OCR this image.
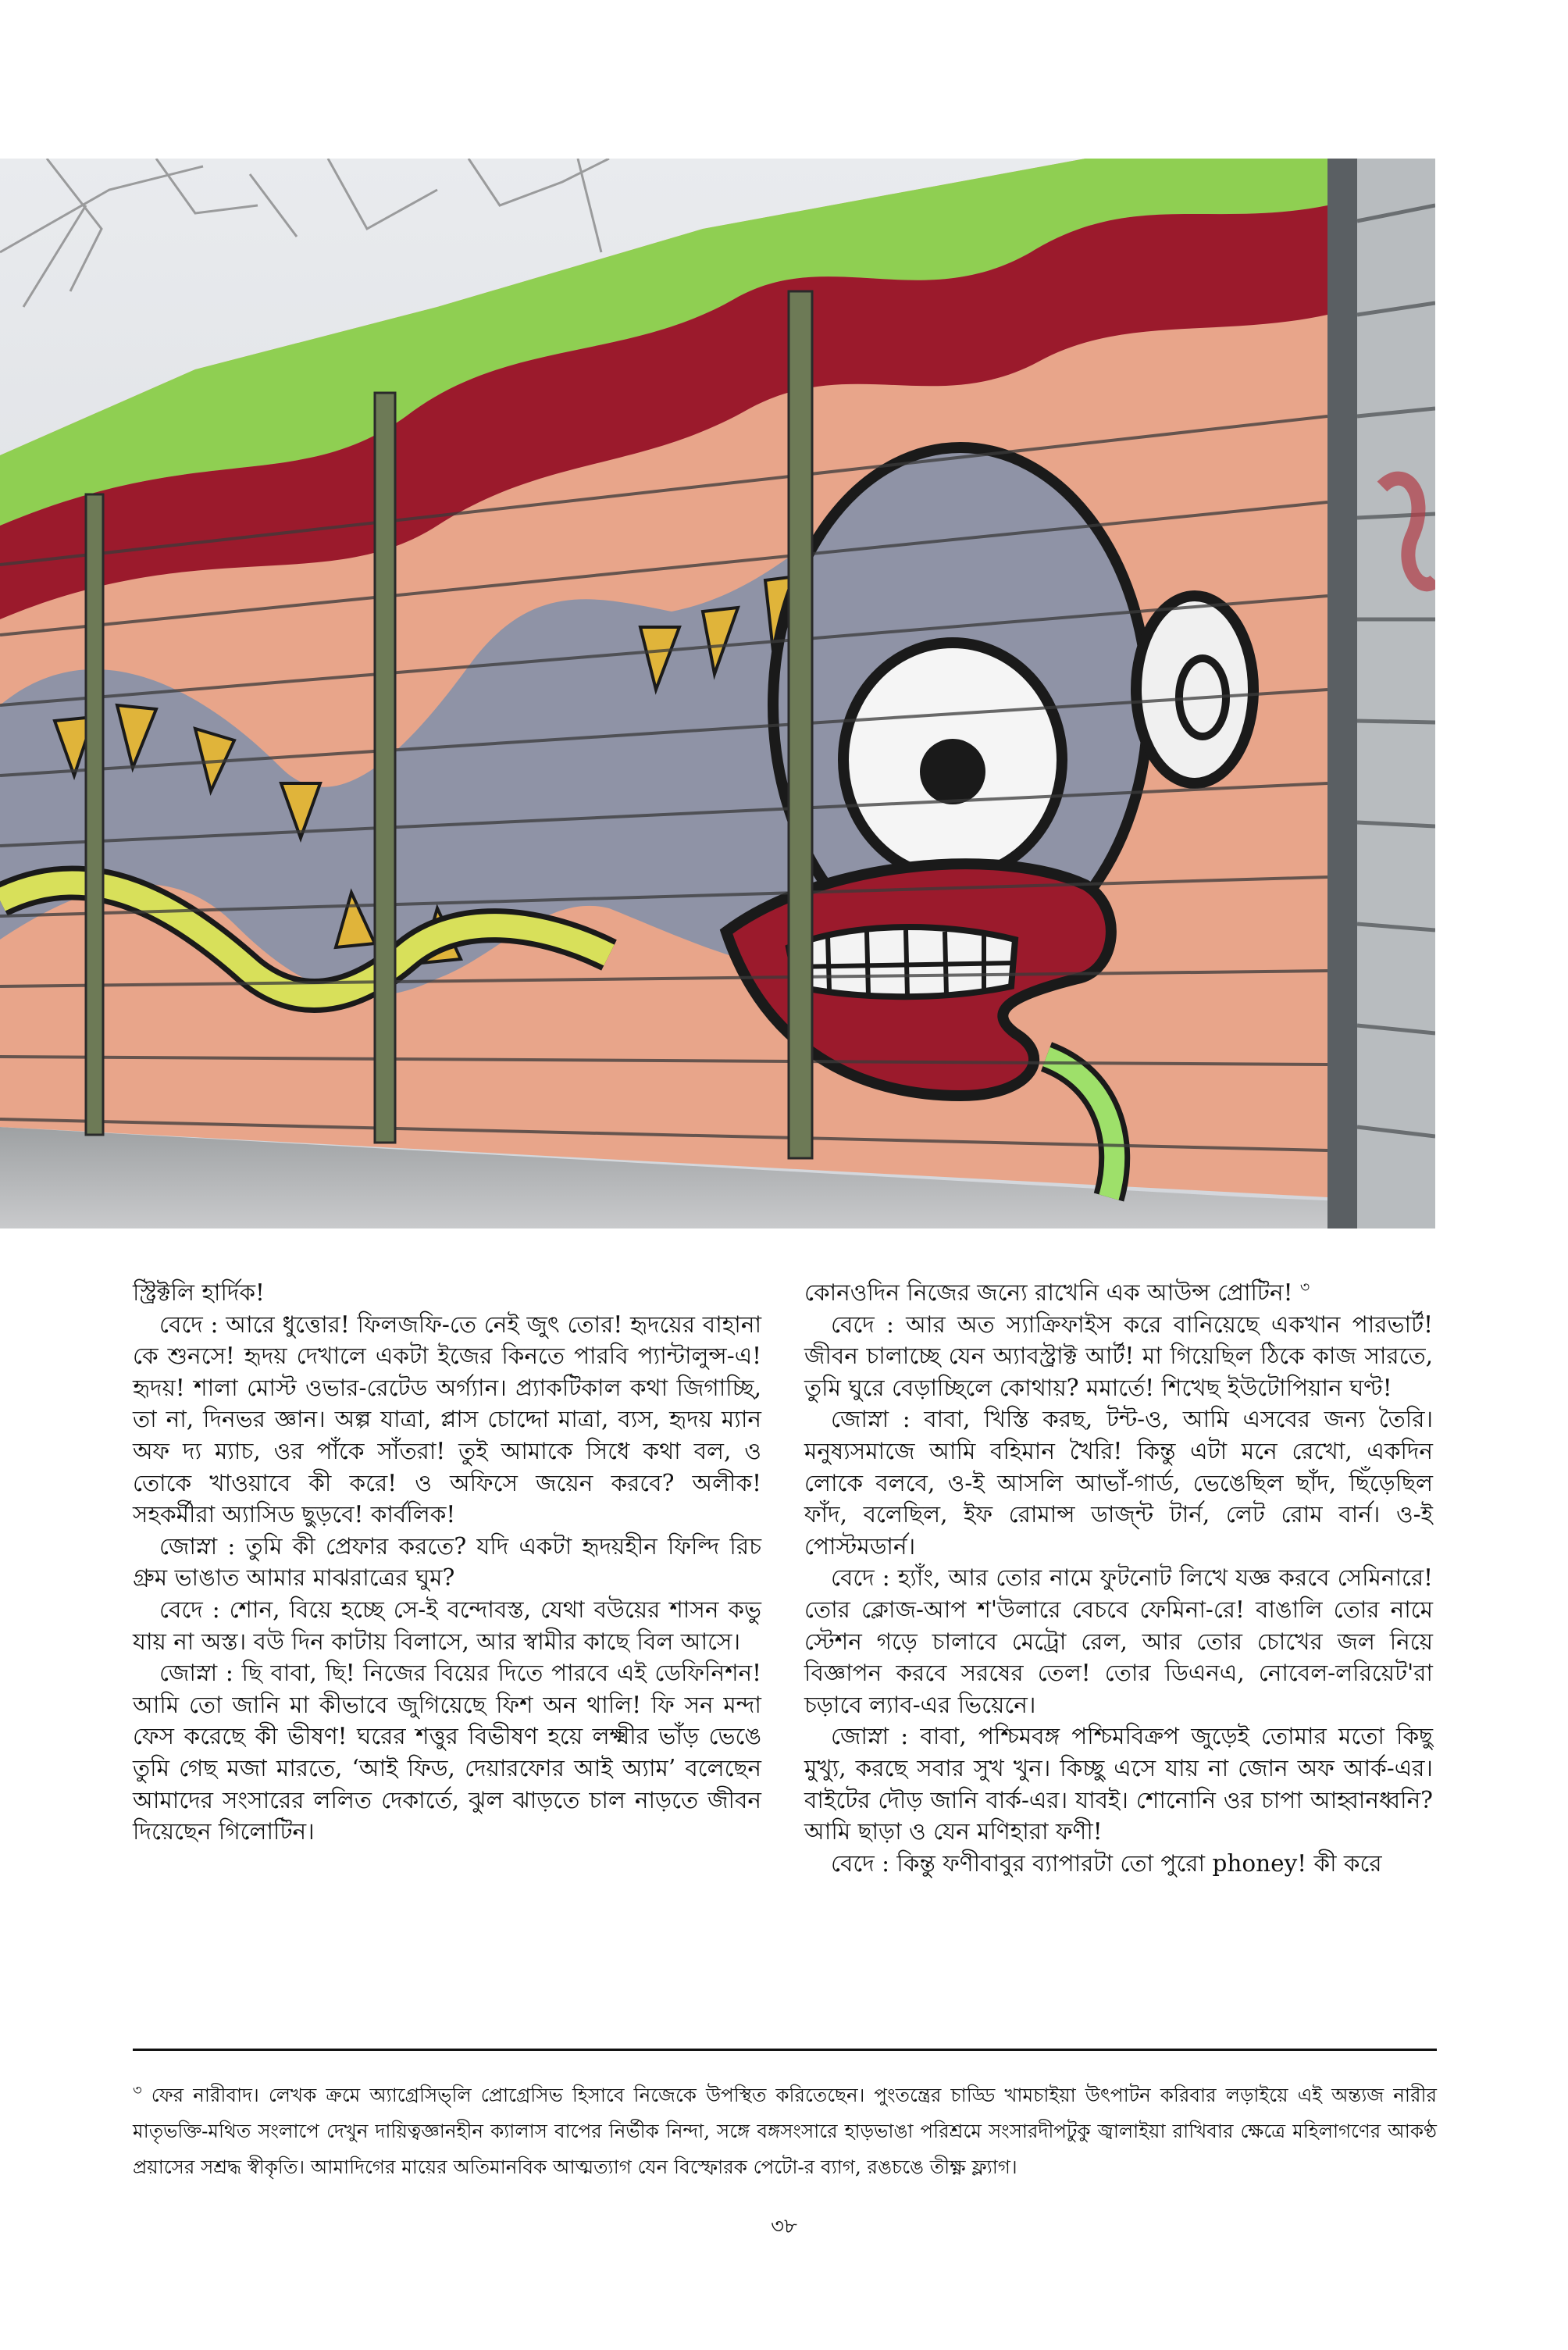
স্ট্রিক্টলি হার্দিক!

বেদে : আরে ধুত্তোর! ফিলজফি-তে নেই জুৎ তোর! হৃদয়ের বাহানা কে শুনসে! হৃদয় দেখালে একটা ইজের কিনতে পারবি প্যান্টালুন্স-এ! হৃদয়! শালা মোস্ট ওভার-রেটেড অর্গ্যান। প্র্যাকটিকাল কথা জিগাচ্ছি, তা না, দিনভর জ্ঞান। অল্প যাত্রা, প্লাস চোদ্দো মাত্রা, ব্যস, হৃদয় ম্যান অফ দ্য ম্যাচ, ওর পাঁকে সাঁতরা! তুই আমাকে সিধে কথা বল, ও তোকে খাওয়াবে কী করে! ও অফিসে জয়েন করবে? অলীক! সহকর্মীরা অ্যাসিড ছুড়বে! কার্বলিক!

জোস্না : তুমি কী প্রেফার করতে? যদি একটা হৃদয়হীন ফিল্দি রিচ গ্রুম ভাঙাত আমার মাঝরাত্রের ঘুম?

বেদে : শোন, বিয়ে হচ্ছে সে-ই বন্দোবস্ত, যেথা বউয়ের শাসন কভু যায় না অস্ত। বউ দিন কাটায় বিলাসে, আর স্বামীর কাছে বিল আসে।

জোস্না : ছি বাবা, ছি! নিজের বিয়ের দিতে পারবে এই ডেফিনিশন! আমি তো জানি মা কীভাবে জুগিয়েছে ফিশ অন থালি! ফি সন মন্দা ফেস করেছে কী ভীষণ! ঘরের শত্তুর বিভীষণ হয়ে লক্ষ্মীর ভাঁড় ভেঙে তুমি গেছ মজা মারতে, ‘আই ফিড, দেয়ারফোর আই অ্যাম’ বলেছেন আমাদের সংসারের ললিত দেকার্তে, ঝুল ঝাড়তে চাল নাড়তে জীবন দিয়েছেন গিলোটিন।

কোনওদিন নিজের জন্যে রাখেনি এক আউন্স প্রোটিন! $^৩$

বেদে : আর অত স্যাক্রিফাইস করে বানিয়েছে একখান পারভার্ট! জীবন চালাচ্ছে যেন অ্যাবস্ট্রাক্ট আর্ট! মা গিয়েছিল ঠিকে কাজ সারতে, তুমি ঘুরে বেড়াচ্ছিলে কোথায়? মমার্তে! শিখেছ ইউটোপিয়ান ঘণ্ট!

জোস্না : বাবা, খিস্তি করছ, টন্ট-ও, আমি এসবের জন্য তৈরি। মনুষ্যসমাজে আমি বহিমান খৈরি! কিন্তু এটা মনে রেখো, একদিন লোকে বলবে, ও-ই আসলি আভাঁ-গার্ড, ভেঙেছিল ছাঁদ, ছিঁড়েছিল ফাঁদ, বলেছিল, ইফ রোমান্স ডাজ্‌ন্ট টার্ন, লেট রোম বার্ন। ও-ই পোস্টমডার্ন।

বেদে : হ্যাঁং, আর তোর নামে ফুটনোট লিখে যজ্ঞ করবে সেমিনারে! তোর ক্লোজ-আপ শ'উলারে বেচবে ফেমিনা-রে! বাঙালি তোর নামে স্টেশন গড়ে চালাবে মেট্রো রেল, আর তোর চোখের জল নিয়ে বিজ্ঞাপন করবে সরষের তেল! তোর ডিএনএ, নোবেল-লরিয়েট'রা চড়াবে ল্যাব-এর ভিয়েনে।

জোস্না : বাবা, পশ্চিমবঙ্গ পশ্চিমবিক্রপ জুড়েই তোমার মতো কিছু মুখ্যু, করছে সবার সুখ খুন। কিচ্ছু এসে যায় না জোন অফ আর্ক-এর। বাইটের দৌড় জানি বার্ক-এর। যাবই। শোনোনি ওর চাপা আহ্বানধ্বনি? আমি ছাড়া ও যেন মণিহারা ফণী!

বেদে : কিন্তু ফণীবাবুর ব্যাপারটা তো পুরো phoney! কী করে

$^৩$ ফের নারীবাদ। লেখক ক্রমে অ্যাগ্রেসিভ্‌লি প্রোগ্রেসিভ হিসাবে নিজেকে উপস্থিত করিতেছেন। পুংতন্ত্রের চাড্ডি খামচাইয়া উৎপাটন করিবার লড়াইয়ে এই অন্ত্যজ নারীর মাতৃভক্তি-মথিত সংলাপে দেখুন দায়িত্বজ্ঞানহীন ক্যালাস বাপের নির্ভীক নিন্দা, সঙ্গে বঙ্গসংসারে হাড়ভাঙা পরিশ্রমে সংসারদীপটুকু জ্বালাইয়া রাখিবার ক্ষেত্রে মহিলাগণের আকণ্ঠ প্রয়াসের সশ্রদ্ধ স্বীকৃতি। আমাদিগের মায়ের অতিমানবিক আত্মত্যাগ যেন বিস্ফোরক পেটো-র ব্যাগ, রঙচঙে তীক্ষ্ণ ফ্ল্যাগ।
৩৮
